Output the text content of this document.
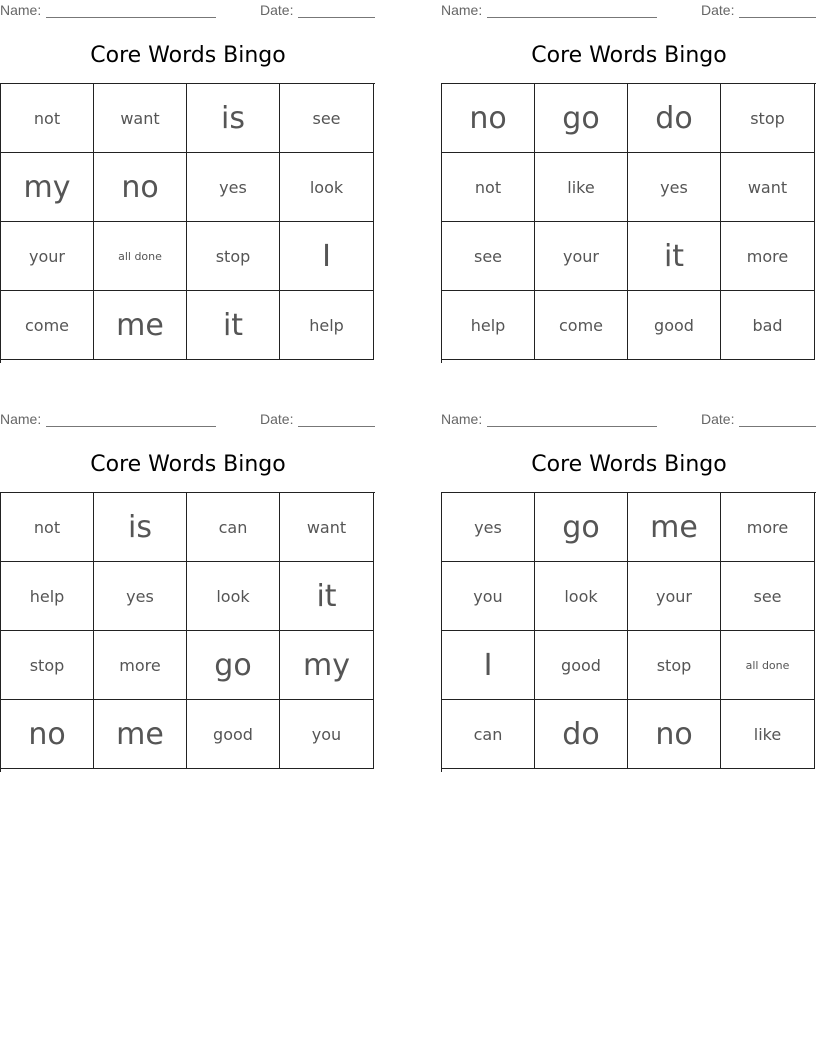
Name:	Date:
Core Words Bingo
not	want	is	see
my	no	yes	look
your	all done	stop	I
come	me	it	help
Name:	Date:
Core Words Bingo
no	go	do	stop
not	like	yes	want
see	your	it	more
help	come	good	bad
Name:	Date:
Core Words Bingo
not	is	can	want
help	yes	look	it
stop	more	go	my
no	me	good	you
Name:	Date:
Core Words Bingo
yes	go	me	more
you	look	your	see
I	good	stop	all done
can	do	no	like
